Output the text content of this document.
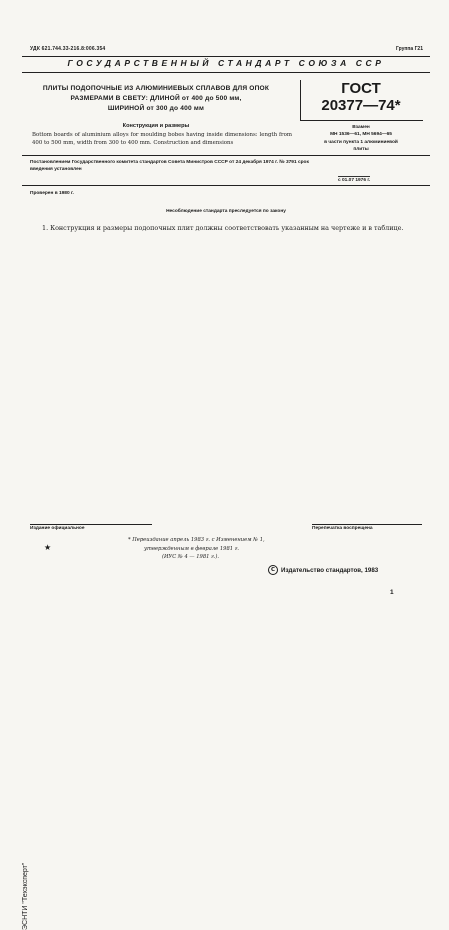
УДК 621.744.33-216.8:006.354	Группа Г21
ГОСУДАРСТВЕННЫЙ СТАНДАРТ СОЮЗА ССР
ПЛИТЫ ПОДОПОЧНЫЕ ИЗ АЛЮМИНИЕВЫХ СПЛАВОВ ДЛЯ ОПОК
РАЗМЕРАМИ В СВЕТУ: ДЛИНОЙ от 400 до 500 мм,
ШИРИНОЙ от 300 до 400 мм
ГОСТ
20377—74*
Конструкция и размеры
Bottom boards of aluminium alloys for moulding bobes having inside dimensions: length from 400 to 500 mm, width from 300 to 400 mm. Construction and dimensions
Взамен
МН 1536—61, МН 5694—65
в части пункта 1 алюминиевой
плиты
Постановлением Государственного комитета стандартов Совета Министров СССР от 24 декабря 1974 г. № 3791 срок
введения установлен
с 01.07 1976 г.
Проверен в 1980 г.
Несоблюдение стандарта преследуется по закону
1. Конструкция и размеры подопочных плит должны соответствовать указанным на чертеже и в таблице.
ЭСНТИ "Техэксперт"
Издание официальное	Перепечатка воспрещена
★
* Переиздание апрель 1983 г. с Изменением № 1,
утвержденным в феврале 1981 г.
(ИУС № 4 — 1981 г.).
C Издательство стандартов, 1983
1
